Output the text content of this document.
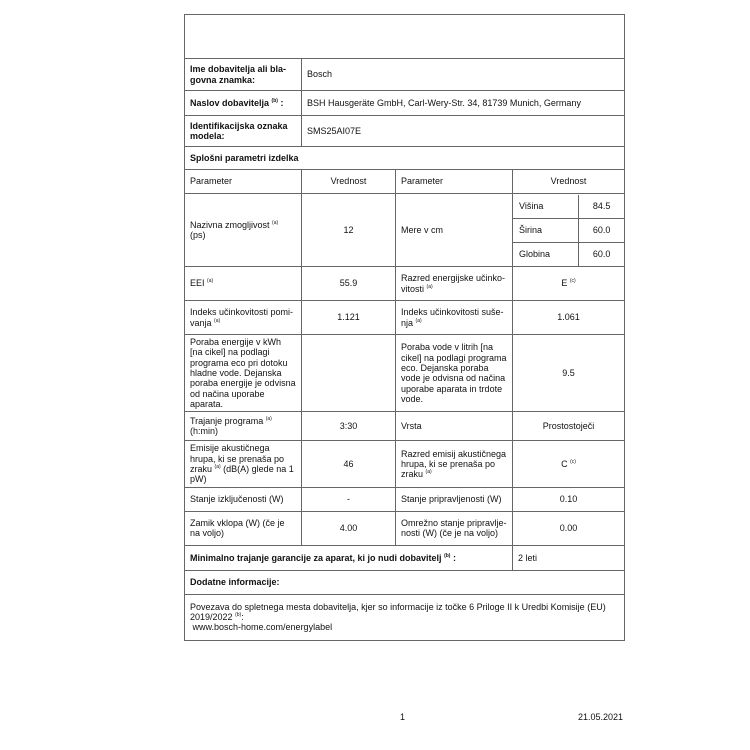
Ime dobavitelja ali bla-govna znamka:	Bosch
Naslov dobavitelja $^{(b)}$ :	BSH Hausgeräte GmbH, Carl-Wery-Str. 34, 81739 Munich, Germany
Identifikacijska oznaka modela:	SMS25AI07E
Splošni parametri izdelka
Parameter	Vrednost	Parameter	Vrednost
Nazivna zmogljivost $^{(a)}$ (ps)	12	Mere v cm	
Višina	84.5
Širina	60.0
Globina	60.0

EEI $^{(a)}$	55.9	Razred energijske učinko-vitosti $^{(a)}$	E $^{(c)}$
Indeks učinkovitosti pomi-vanja $^{(a)}$	1.121	Indeks učinkovitosti suše-nja $^{(a)}$	1.061
Poraba energije v kWh [na cikel] na podlagi programa eco pri dotoku hladne vode. Dejanska poraba energije je odvisna od načina uporabe aparata.		Poraba vode v litrih [na cikel] na podlagi programa eco. Dejanska poraba vode je odvisna od načina uporabe aparata in trdote vode.	9.5
Trajanje programa $^{(a)}$
(h:min)	3:30	Vrsta	Prostostoječi
Emisije akustičnega hrupa, ki se prenaša po zraku $^{(a)}$ (dB(A) glede na 1 pW)	46	Razred emisij akustičnega hrupa, ki se prenaša po zraku $^{(a)}$	C $^{(c)}$
Stanje izključenosti (W)	-	Stanje pripravljenosti (W)	0.10
Zamik vklopa (W) (če je na voljo)	4.00	Omrežno stanje pripravlje-nosti (W) (če je na voljo)	0.00
Minimalno trajanje garancije za aparat, ki jo nudi dobavitelj $^{(b)}$ :	2 leti
Dodatne informacije:
Povezava do spletnega mesta dobavitelja, kjer so informacije iz točke 6 Priloge II k Uredbi Komisije (EU) 2019/2022 $^{(b)}$:
www.bosch-home.com/energylabel
1	21.05.2021
